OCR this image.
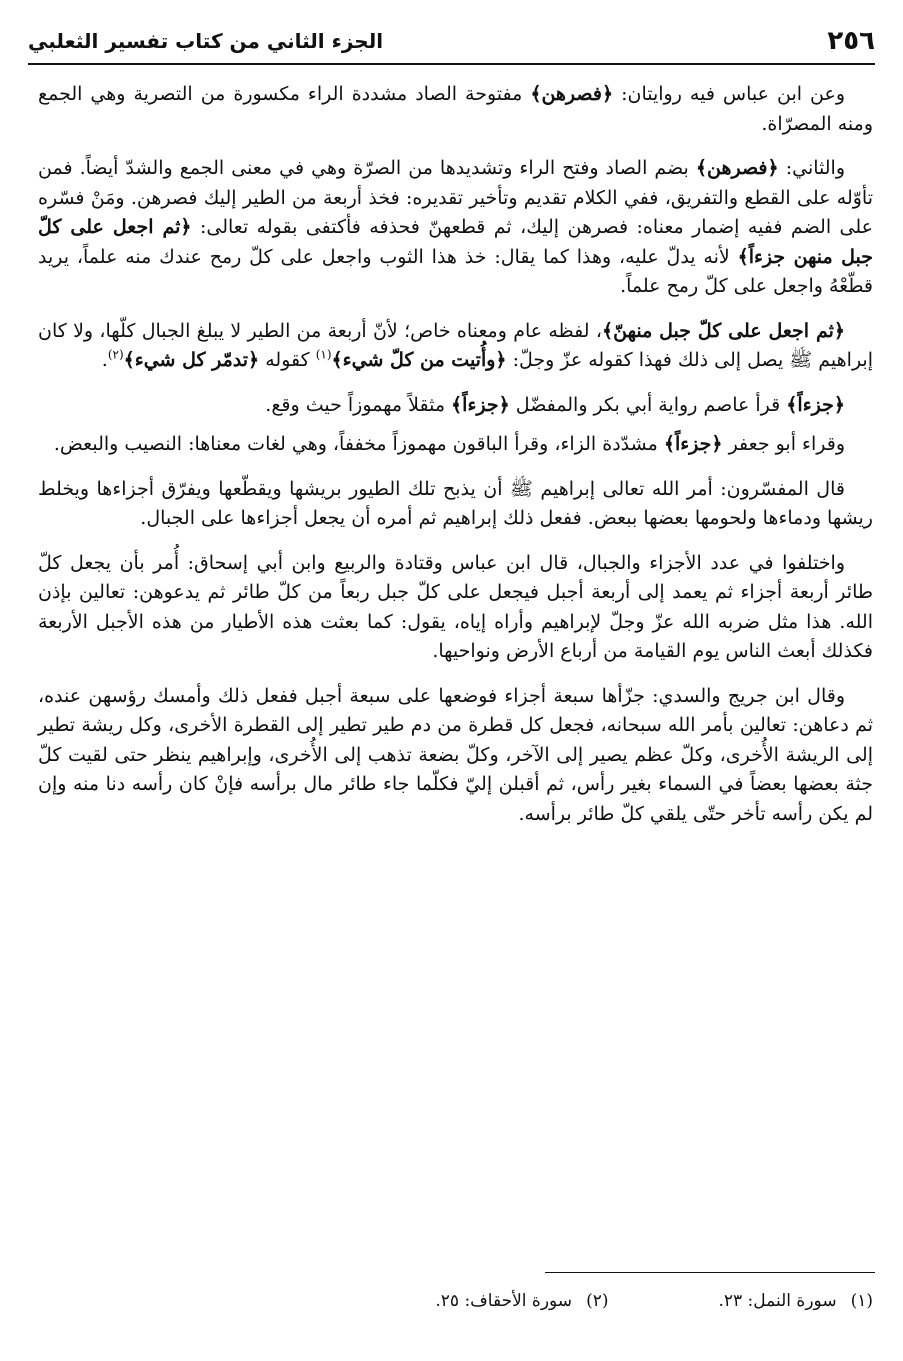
٢٥٦
الجزء الثاني من كتاب تفسير الثعلبي

وعن ابن عباس فيه روايتان: ﴿فصرهن﴾ مفتوحة الصاد مشددة الراء مكسورة من التصرية وهي الجمع ومنه المصرّاة.

والثاني: ﴿فصرهن﴾ بضم الصاد وفتح الراء وتشديدها من الصرّة وهي في معنى الجمع والشدّ أيضاً. فمن تأوّله على القطع والتفريق، ففي الكلام تقديم وتأخير تقديره: فخذ أربعة من الطير إليك فصرهن. ومَنْ فسّره على الضم ففيه إضمار معناه: فصرهن إليك، ثم قطعهنّ فحذفه فأكتفى بقوله تعالى: ﴿ثم اجعل على كلّ جبل منهن جزءاً﴾ لأنه يدلّ عليه، وهذا كما يقال: خذ هذا الثوب واجعل على كلّ رمح عندك منه علماً، يريد قطّعْهُ واجعل على كلّ رمح علماً.

﴿ثم اجعل على كلّ جبل منهنّ﴾، لفظه عام ومعناه خاص؛ لأنّ أربعة من الطير لا يبلغ الجبال كلّها، ولا كان إبراهيم ﷺ يصل إلى ذلك فهذا كقوله عزّ وجلّ: ﴿وأُتيت من كلّ شيء﴾$^{(١)}$ كقوله ﴿تدمّر كل شيء﴾$^{(٢)}$.

﴿جزءاً﴾ قرأ عاصم رواية أبي بكر والمفضّل ﴿جزءاً﴾ مثقلاً مهموزاً حيث وقع.

وقراء أبو جعفر ﴿جزءاً﴾ مشدّدة الزاء، وقرأ الباقون مهموزاً مخففاً، وهي لغات معناها: النصيب والبعض.

قال المفسّرون: أمر الله تعالى إبراهيم ﷺ أن يذبح تلك الطيور بريشها ويقطّعها ويفرّق أجزاءها ويخلط ريشها ودماءها ولحومها بعضها ببعض. ففعل ذلك إبراهيم ثم أمره أن يجعل أجزاءها على الجبال.

واختلفوا في عدد الأجزاء والجبال، قال ابن عباس وقتادة والربيع وابن أبي إسحاق: أُمر بأن يجعل كلّ طائر أربعة أجزاء ثم يعمد إلى أربعة أجبل فيجعل على كلّ جبل ربعاً من كلّ طائر ثم يدعوهن: تعالين بإذن الله. هذا مثل ضربه الله عزّ وجلّ لإبراهيم وأراه إياه، يقول: كما بعثت هذه الأطيار من هذه الأجبل الأربعة فكذلك أبعث الناس يوم القيامة من أرباع الأرض ونواحيها.

وقال ابن جريج والسدي: جزّأها سبعة أجزاء فوضعها على سبعة أجبل ففعل ذلك وأمسك رؤسهن عنده، ثم دعاهن: تعالين بأمر الله سبحانه، فجعل كل قطرة من دم طير تطير إلى القطرة الأخرى، وكل ريشة تطير إلى الريشة الأُخرى، وكلّ عظم يصير إلى الآخر، وكلّ بضعة تذهب إلى الأُخرى، وإبراهيم ينظر حتى لقيت كلّ جثة بعضها بعضاً في السماء بغير رأس، ثم أقبلن إليّ فكلّما جاء طائر مال برأسه فإنْ كان رأسه دنا منه وإن لم يكن رأسه تأخر حتّى يلقي كلّ طائر برأسه.

(١)سورة النمل: ٢٣.
(٢)سورة الأحقاف: ٢٥.
